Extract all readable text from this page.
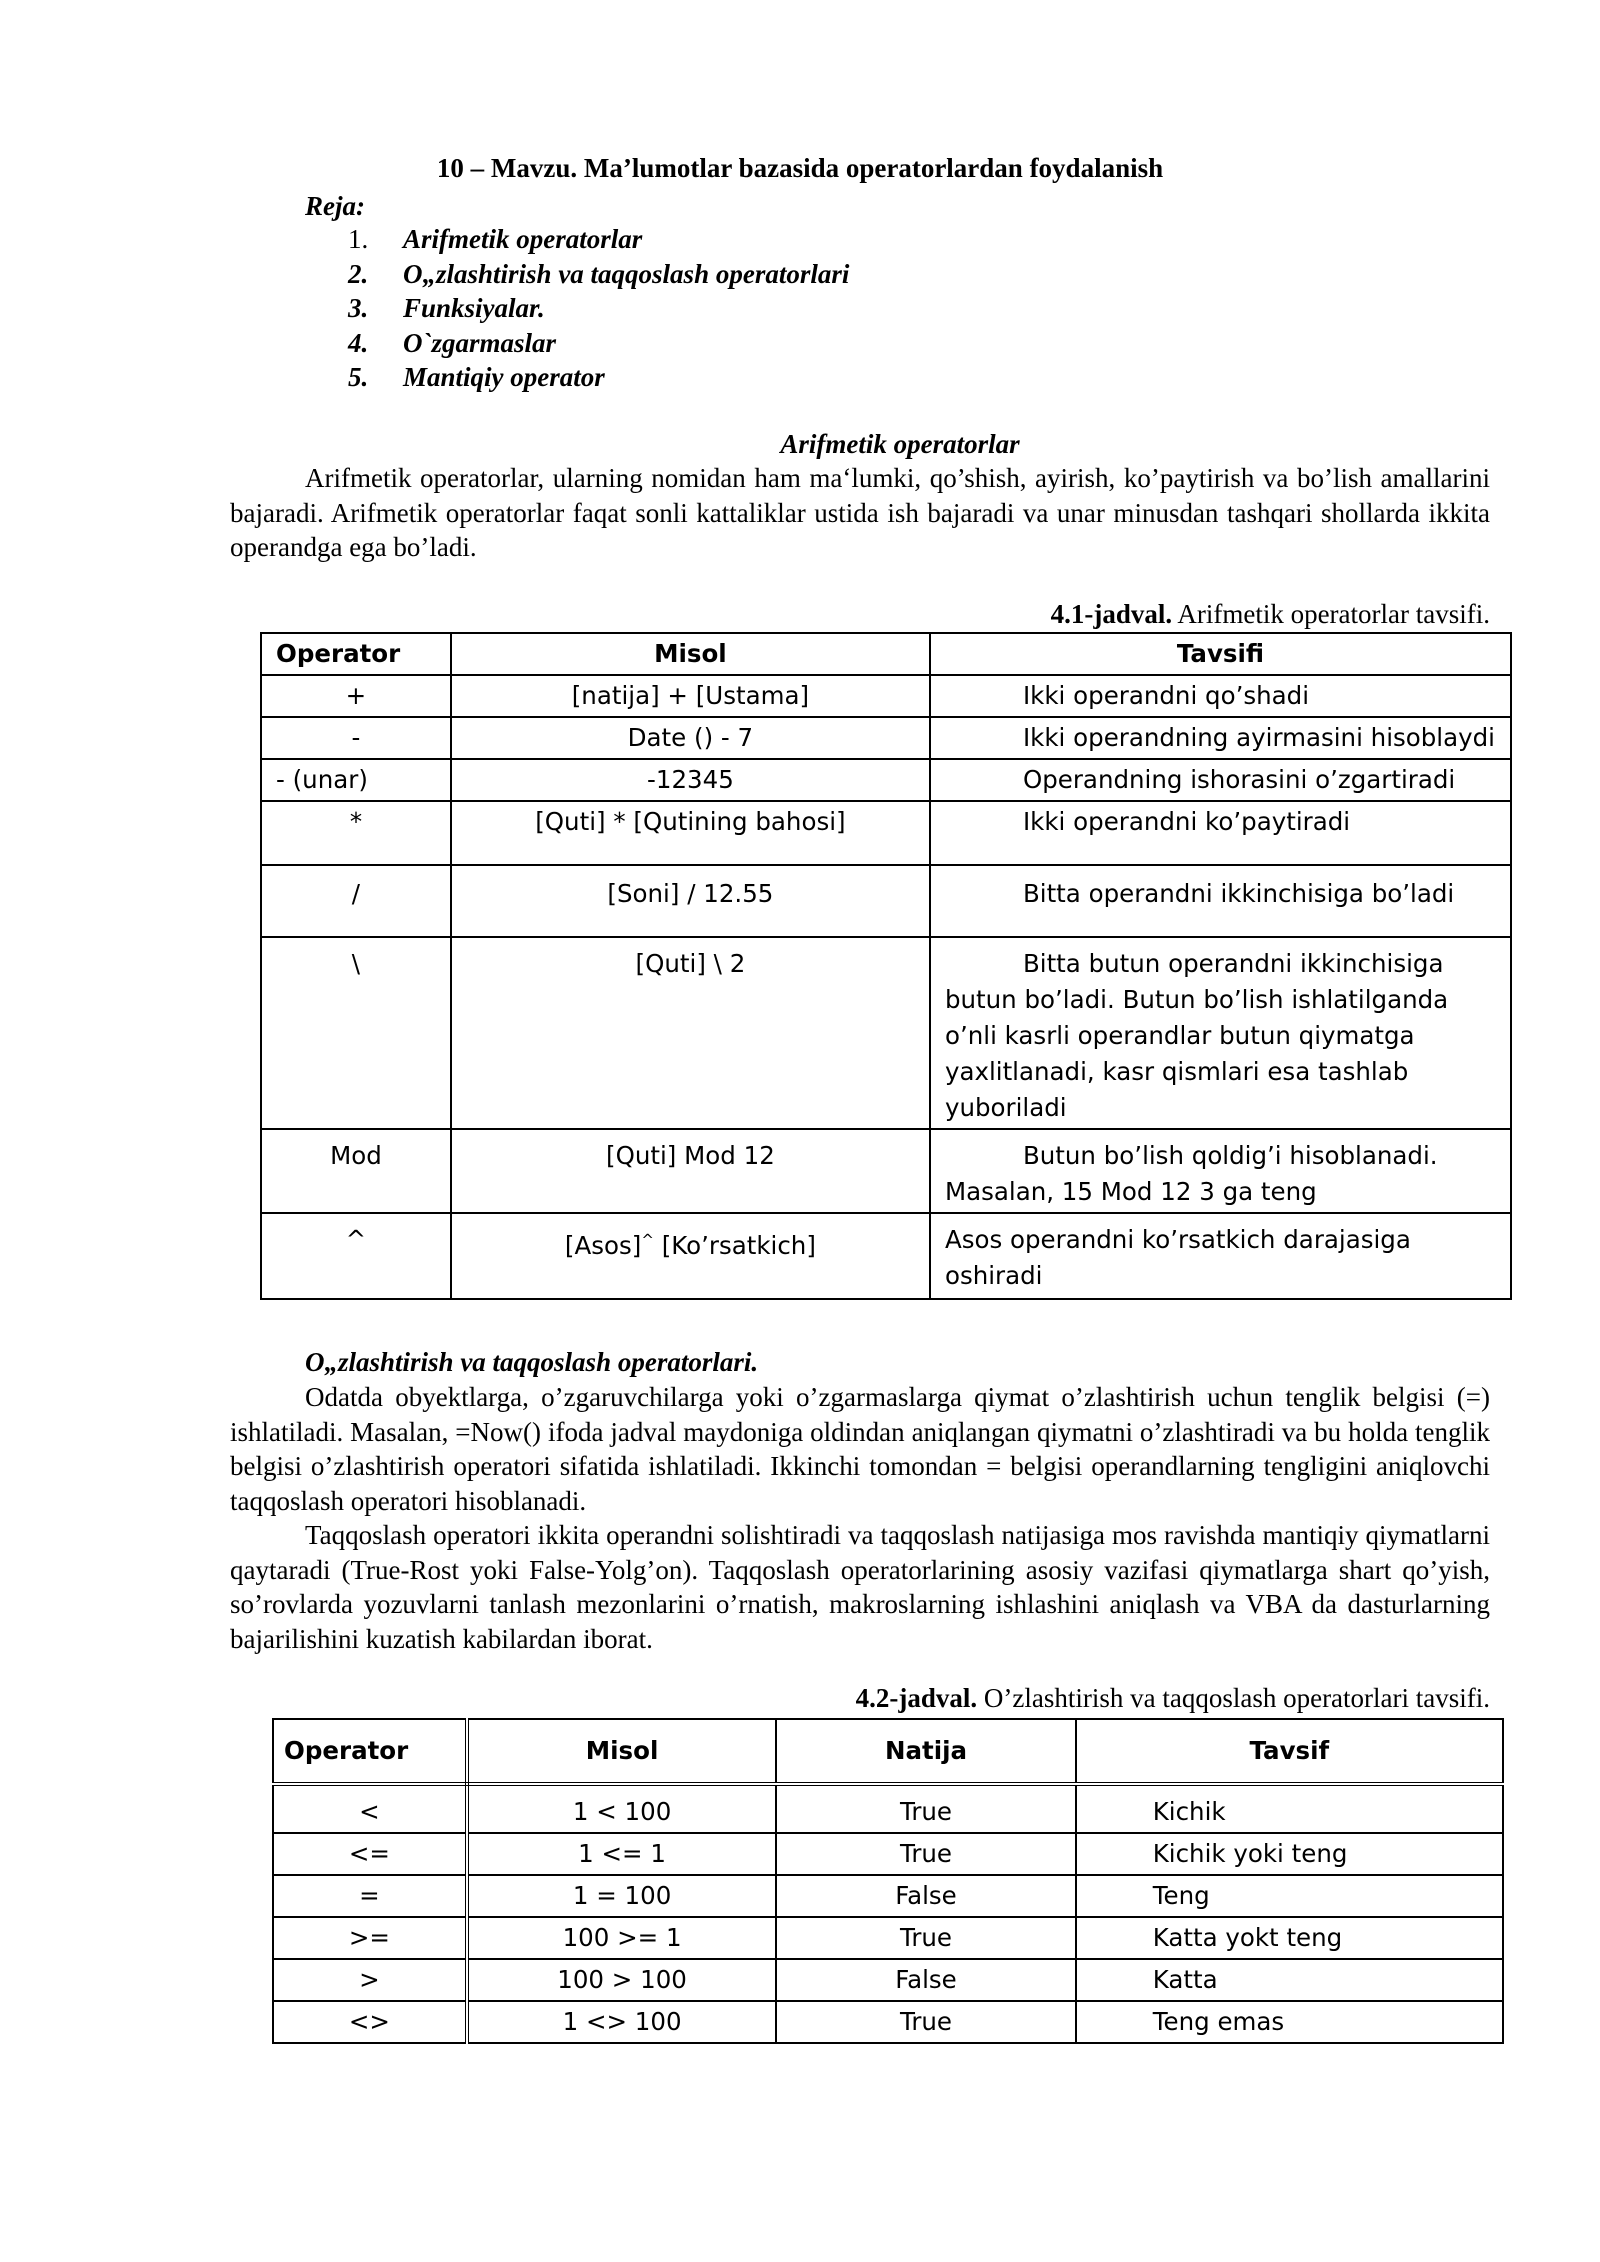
10 – Mavzu. Ma’lumotlar bazasida operatorlardan foydalanish
Reja:
1. Arifmetik operatorlar
2. O„zlashtirish va taqqoslash operatorlari
3. Funksiyalar.
4. O`zgarmaslar
5. Mantiqiy operator
Arifmetik operatorlar

Arifmetik operatorlar, ularning nomidan ham ma‘lumki, qo’shish, ayirish, ko’paytirish va bo’lish amallarini bajaradi. Arifmetik operatorlar faqat sonli kattaliklar ustida ish bajaradi va unar minusdan tashqari shollarda ikkita operandga ega bo’ladi.

4.1-jadval. Arifmetik operatorlar tavsifi.
Operator	Misol	Tavsifi
+	[natija] + [Ustama]	Ikki operandni qo’shadi
-	Date () - 7	Ikki operandning ayirmasini hisoblaydi
- (unar)	-12345	Operandning ishorasini o’zgartiradi
*	[Quti] * [Qutining bahosi]	Ikki operandni ko’paytiradi
/	[Soni] / 12.55	Bitta operandni ikkinchisiga bo’ladi
\	[Quti] \ 2	Bitta butun operandni ikkinchisiga butun bo’ladi. Butun bo’lish ishlatilganda o’nli kasrli operandlar butun qiymatga yaxlitlanadi, kasr qismlari esa tashlab yuboriladi
Mod	[Quti] Mod 12	Butun bo’lish qoldig’i hisoblanadi. Masalan, 15 Mod 12 3 ga teng
^	[Asos]^ [Ko’rsatkich]	Asos operandni ko’rsatkich darajasiga oshiradi
O„zlashtirish va taqqoslash operatorlari.

Odatda obyektlarga, o’zgaruvchilarga yoki o’zgarmaslarga qiymat o’zlashtirish uchun tenglik belgisi (=) ishlatiladi. Masalan, =Now() ifoda jadval maydoniga oldindan aniqlangan qiymatni o’zlashtiradi va bu holda tenglik belgisi o’zlashtirish operatori sifatida ishlatiladi. Ikkinchi tomondan = belgisi operandlarning tengligini aniqlovchi taqqoslash operatori hisoblanadi.

Taqqoslash operatori ikkita operandni solishtiradi va taqqoslash natijasiga mos ravishda mantiqiy qiymatlarni qaytaradi (True-Rost yoki False-Yolg’on). Taqqoslash operatorlarining asosiy vazifasi qiymatlarga shart qo’yish, so’rovlarda yozuvlarni tanlash mezonlarini o’rnatish, makroslarning ishlashini aniqlash va VBA da dasturlarning bajarilishini kuzatish kabilardan iborat.

4.2-jadval. O’zlashtirish va taqqoslash operatorlari tavsifi.
Operator	Misol	Natija	Tavsif
<	1 < 100	True	Kichik
<=	1 <= 1	True	Kichik yoki teng
=	1 = 100	False	Teng
>=	100 >= 1	True	Katta yokt teng
>	100 > 100	False	Katta
<>	1 <> 100	True	Teng emas
